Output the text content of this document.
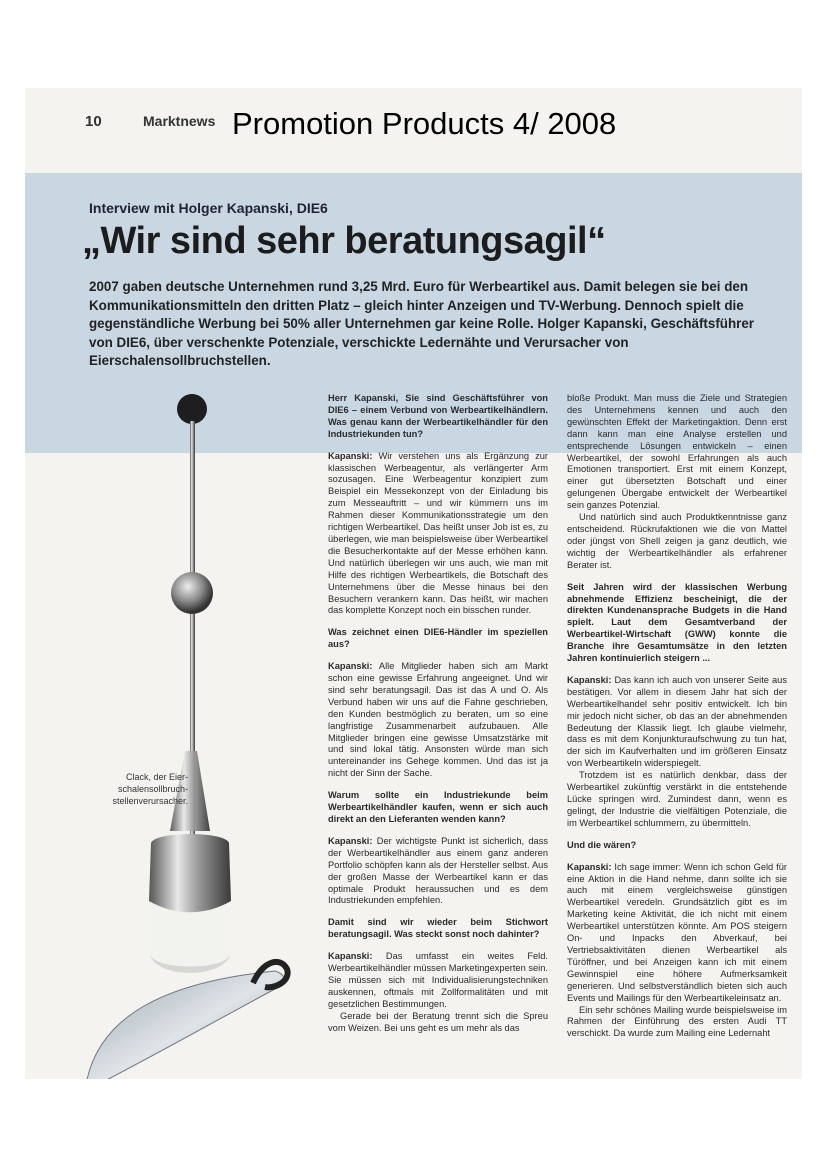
10	Marktnews Promotion Products 4/ 2008
Interview mit Holger Kapanski, DIE6
„Wir sind sehr beratungsagil“
2007 gaben deutsche Unternehmen rund 3,25 Mrd. Euro für Werbeartikel aus. Damit belegen sie bei den Kommunikationsmitteln den dritten Platz – gleich hinter Anzeigen und TV-Werbung. Dennoch spielt die gegenständliche Werbung bei 50% aller Unternehmen gar keine Rolle. Holger Kapanski, Geschäftsführer von DIE6, über verschenkte Potenziale, verschickte Ledernähte und Verursacher von Eierschalensollbruchstellen.
Clack, der Eier-
schalensollbruch-
stellenverursacher.

Herr Kapanski, Sie sind Geschäftsführer von DIE6 – einem Verbund von Werbeartikelhändlern. Was genau kann der Werbeartikelhändler für den Industriekunden tun?

Kapanski: Wir verstehen uns als Ergänzung zur klassischen Werbeagentur, als verlängerter Arm sozusagen. Eine Werbeagentur konzipiert zum Beispiel ein Messekonzept von der Einladung bis zum Messeauftritt – und wir kümmern uns im Rahmen dieser Kommunikationsstrategie um den richtigen Werbeartikel. Das heißt unser Job ist es, zu überlegen, wie man beispielsweise über Werbeartikel die Besucherkontakte auf der Messe erhöhen kann. Und natürlich überlegen wir uns auch, wie man mit Hilfe des richtigen Werbeartikels, die Botschaft des Unternehmens über die Messe hinaus bei den Besuchern verankern kann. Das heißt, wir machen das komplette Konzept noch ein bisschen runder.

Was zeichnet einen DIE6-Händler im speziellen aus?

Kapanski: Alle Mitglieder haben sich am Markt schon eine gewisse Erfahrung angeeignet. Und wir sind sehr beratungsagil. Das ist das A und O. Als Verbund haben wir uns auf die Fahne geschrieben, den Kunden bestmöglich zu beraten, um so eine langfristige Zusammenarbeit aufzubauen. Alle Mitglieder bringen eine gewisse Umsatzstärke mit und sind lokal tätig. Ansonsten würde man sich untereinander ins Gehege kommen. Und das ist ja nicht der Sinn der Sache.

Warum sollte ein Industriekunde beim Werbeartikelhändler kaufen, wenn er sich auch direkt an den Lieferanten wenden kann?

Kapanski: Der wichtigste Punkt ist sicherlich, dass der Werbeartikelhändler aus einem ganz anderen Portfolio schöpfen kann als der Hersteller selbst. Aus der großen Masse der Werbeartikel kann er das optimale Produkt heraussuchen und es dem Industriekunden empfehlen.

Damit sind wir wieder beim Stichwort beratungsagil. Was steckt sonst noch dahinter?

Kapanski: Das umfasst ein weites Feld. Werbeartikelhändler müssen Marketingexperten sein. Sie müssen sich mit Individualisierungstechniken auskennen, oftmals mit Zollformalitäten und mit gesetzlichen Bestimmungen.

Gerade bei der Beratung trennt sich die Spreu vom Weizen. Bei uns geht es um mehr als das

bloße Produkt. Man muss die Ziele und Strategien des Unternehmens kennen und auch den gewünschten Effekt der Marketingaktion. Denn erst dann kann man eine Analyse erstellen und entsprechende Lösungen entwickeln – einen Werbeartikel, der sowohl Erfahrungen als auch Emotionen transportiert. Erst mit einem Konzept, einer gut übersetzten Botschaft und einer gelungenen Übergabe entwickelt der Werbeartikel sein ganzes Potenzial.

Und natürlich sind auch Produktkenntnisse ganz entscheidend. Rückrufaktionen wie die von Mattel oder jüngst von Shell zeigen ja ganz deutlich, wie wichtig der Werbeartikelhändler als erfahrener Berater ist.

Seit Jahren wird der klassischen Werbung abnehmende Effizienz bescheinigt, die der direkten Kundenansprache Budgets in die Hand spielt. Laut dem Gesamtverband der Werbeartikel-Wirtschaft (GWW) konnte die Branche ihre Gesamtumsätze in den letzten Jahren kontinuierlich steigern ...

Kapanski: Das kann ich auch von unserer Seite aus bestätigen. Vor allem in diesem Jahr hat sich der Werbeartikelhandel sehr positiv entwickelt. Ich bin mir jedoch nicht sicher, ob das an der abnehmenden Bedeutung der Klassik liegt. Ich glaube vielmehr, dass es mit dem Konjunkturaufschwung zu tun hat, der sich im Kaufverhalten und im größeren Einsatz von Werbeartikeln widerspiegelt.

Trotzdem ist es natürlich denkbar, dass der Werbeartikel zukünftig verstärkt in die entstehende Lücke springen wird. Zumindest dann, wenn es gelingt, der Industrie die vielfältigen Potenziale, die im Werbeartikel schlummern, zu übermitteln.

Und die wären?

Kapanski: Ich sage immer: Wenn ich schon Geld für eine Aktion in die Hand nehme, dann sollte ich sie auch mit einem vergleichsweise günstigen Werbeartikel veredeln. Grundsätzlich gibt es im Marketing keine Aktivität, die ich nicht mit einem Werbeartikel unterstützen könnte. Am POS steigern On- und Inpacks den Abverkauf, bei Vertriebsaktivitäten dienen Werbeartikel als Türöffner, und bei Anzeigen kann ich mit einem Gewinnspiel eine höhere Aufmerksamkeit generieren. Und selbstverständlich bieten sich auch Events und Mailings für den Werbeartikeleinsatz an.

Ein sehr schönes Mailing wurde beispielsweise im Rahmen der Einführung des ersten Audi TT verschickt. Da wurde zum Mailing eine Ledernaht
